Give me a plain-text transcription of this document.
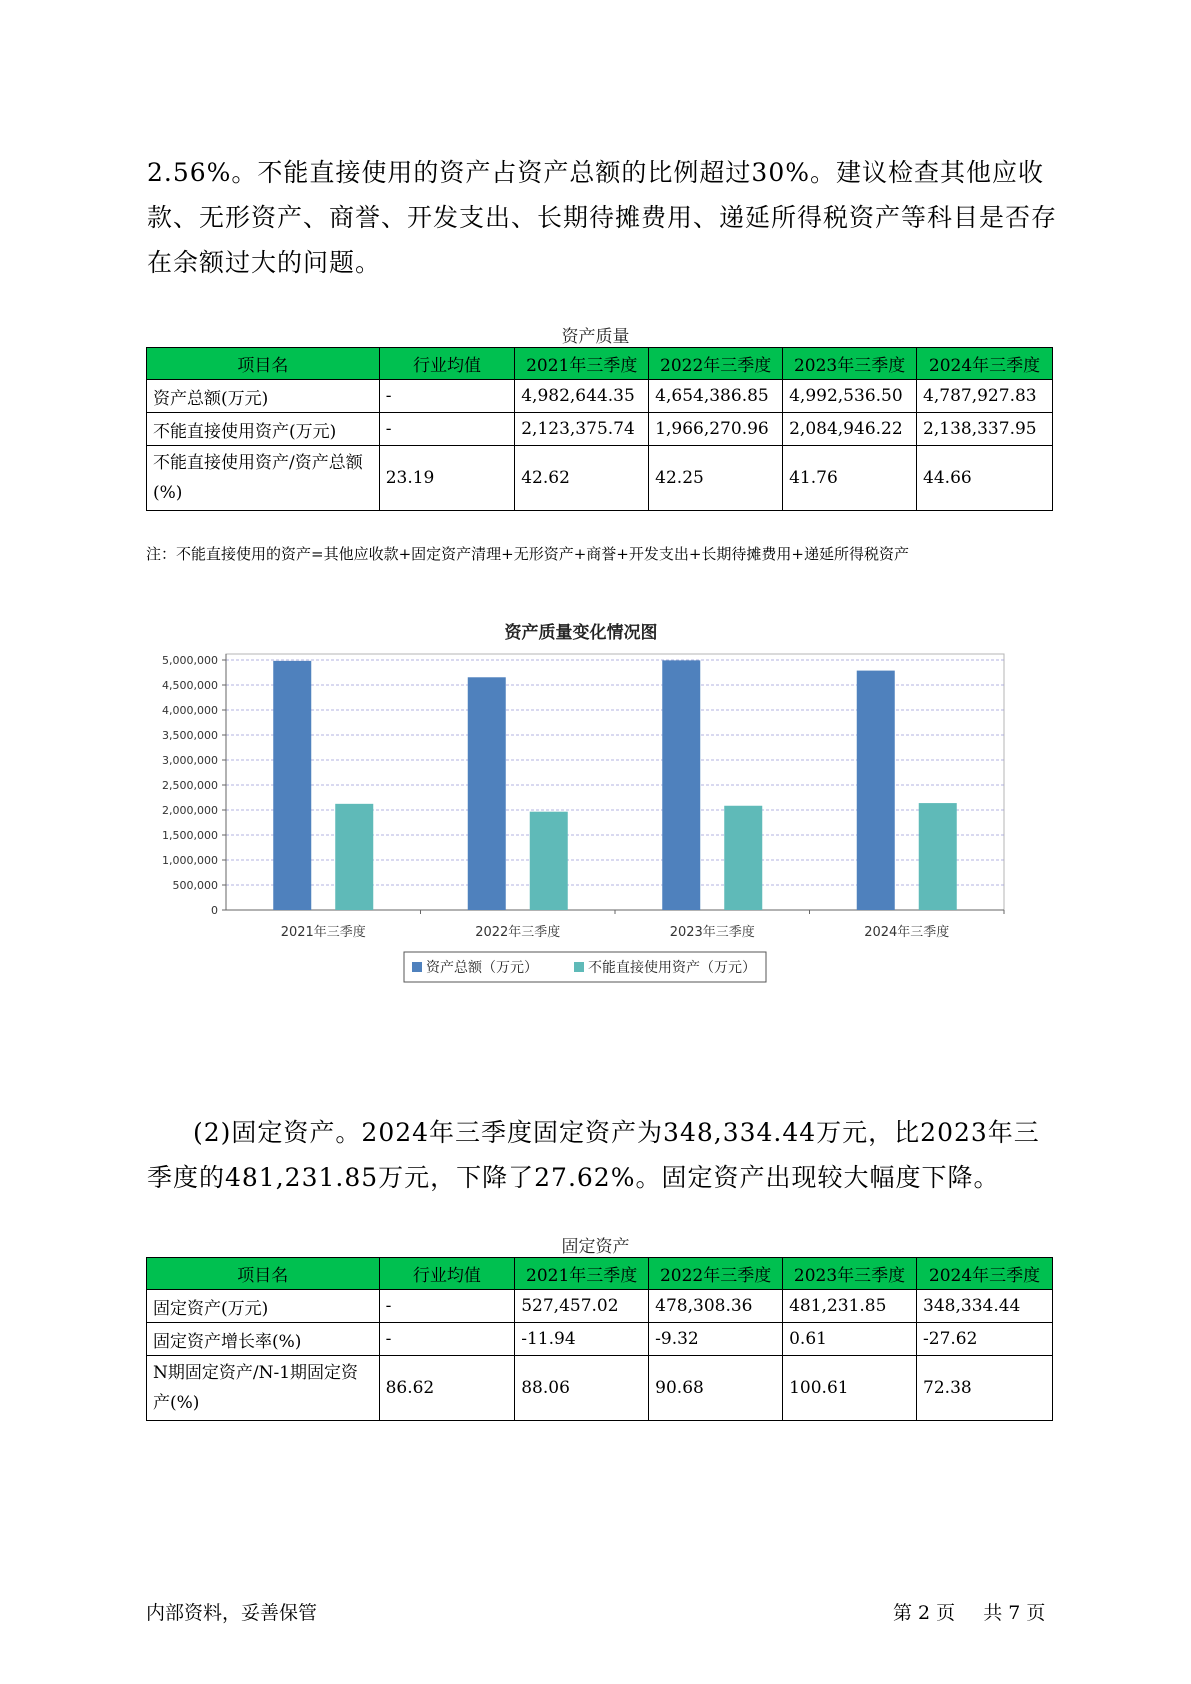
2.56%。不能直接使用的资产占资产总额的比例超过30%。建议检查其他应收款、无形资产、商誉、开发支出、长期待摊费用、递延所得税资产等科目是否存在余额过大的问题。

资产质量
项目名	行业均值	2021年三季度	2022年三季度	2023年三季度	2024年三季度
资产总额(万元)	-	4,982,644.35	4,654,386.85	4,992,536.50	4,787,927.83
不能直接使用资产(万元)	-	2,123,375.74	1,966,270.96	2,084,946.22	2,138,337.95
不能直接使用资产/资产总额(%)	23.19	42.62	42.25	41.76	44.66
注：不能直接使用的资产=其他应收款+固定资产清理+无形资产+商誉+开发支出+长期待摊费用+递延所得税资产
资产质量变化情况图
0
500,000
1,000,000
1,500,000
2,000,000
2,500,000
3,000,000
3,500,000
4,000,000
4,500,000
5,000,000
2021年三季度	2022年三季度	2023年三季度	2024年三季度
资产总额（万元）	不能直接使用资产（万元）

(2)固定资产。2024年三季度固定资产为348,334.44万元，比2023年三季度的481,231.85万元，下降了27.62%。固定资产出现较大幅度下降。

固定资产
项目名	行业均值	2021年三季度	2022年三季度	2023年三季度	2024年三季度
固定资产(万元)	-	527,457.02	478,308.36	481,231.85	348,334.44
固定资产增长率(%)	-	-11.94	-9.32	0.61	-27.62
N期固定资产/N-1期固定资产(%)	86.62	88.06	90.68	100.61	72.38
内部资料，妥善保管	第 2 页 共 7 页
